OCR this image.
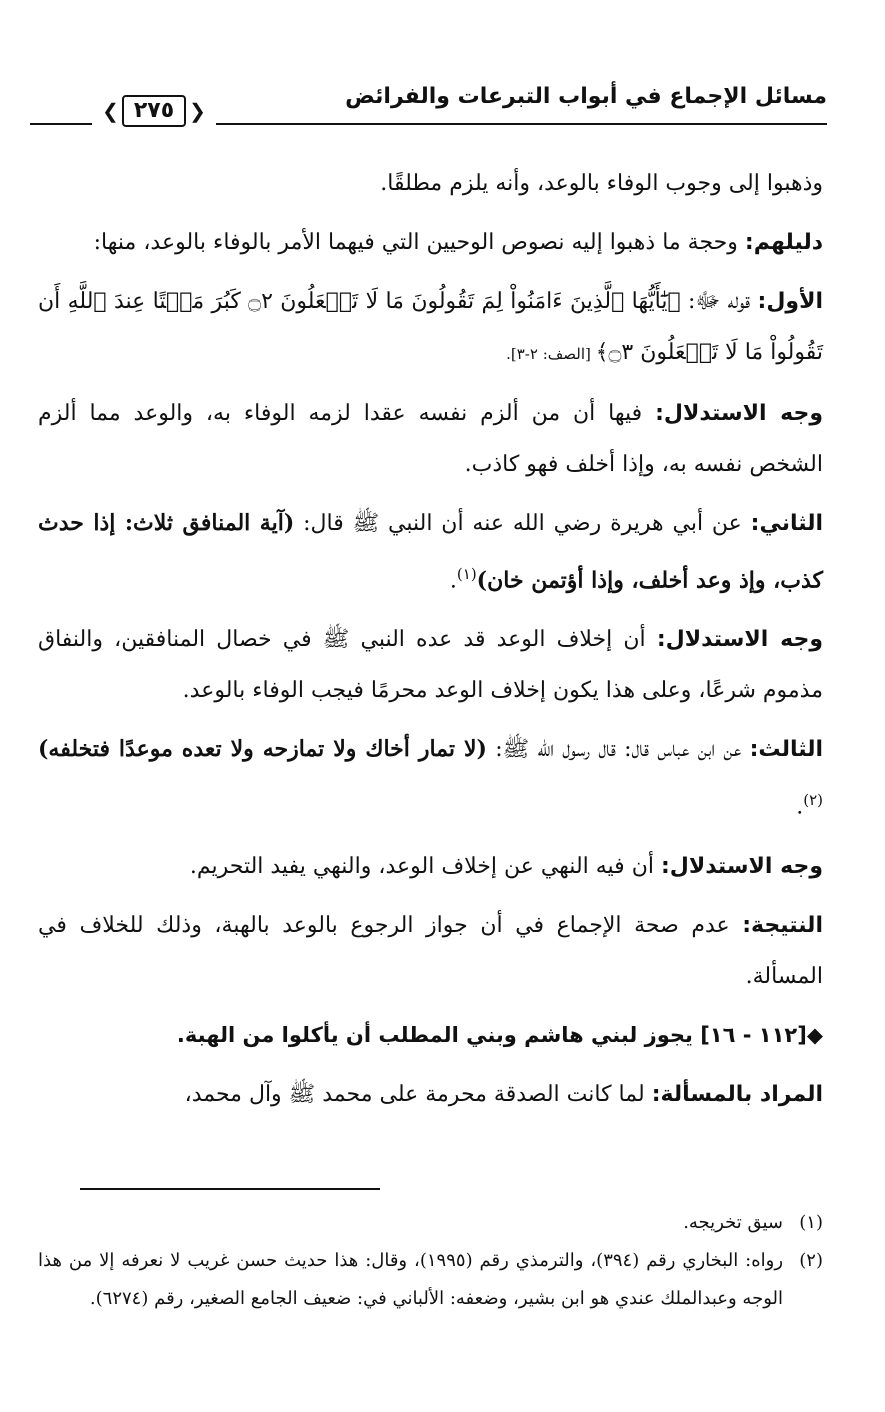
مسائل الإجماع في أبواب التبرعات والفرائض
❮ ٢٧٥ ❯

وذهبوا إلى وجوب الوفاء بالوعد، وأنه يلزم مطلقًا.

دليلهم: وحجة ما ذهبوا إليه نصوص الوحيين التي فيهما الأمر بالوفاء بالوعد، منها:

الأول: قوله ﷻ: ﴿يَٰٓأَيُّهَا ٱلَّذِينَ ءَامَنُواْ لِمَ تَقُولُونَ مَا لَا تَفۡعَلُونَ ۝٢ كَبُرَ مَقۡتًا عِندَ ٱللَّهِ أَن تَقُولُواْ مَا لَا تَفۡعَلُونَ ۝٣﴾ [الصف: ٢-٣].

وجه الاستدلال: فيها أن من ألزم نفسه عقدا لزمه الوفاء به، والوعد مما ألزم الشخص نفسه به، وإذا أخلف فهو كاذب.

الثاني: عن أبي هريرة رضي الله عنه أن النبي ﷺ قال: (آية المنافق ثلاث: إذا حدث كذب، وإذ وعد أخلف، وإذا أؤتمن خان)$^{(١)}$.

وجه الاستدلال: أن إخلاف الوعد قد عده النبي ﷺ في خصال المنافقين، والنفاق مذموم شرعًا، وعلى هذا يكون إخلاف الوعد محرمًا فيجب الوفاء بالوعد.

الثالث: عن ابن عباس قال: قال رسول الله ﷺ: (لا تمار أخاك ولا تمازحه ولا تعده موعدًا فتخلفه)$^{(٢)}$.

وجه الاستدلال: أن فيه النهي عن إخلاف الوعد، والنهي يفيد التحريم.

النتيجة: عدم صحة الإجماع في أن جواز الرجوع بالوعد بالهبة، وذلك للخلاف في المسألة.

◆[١١٢ - ١٦] يجوز لبني هاشم وبني المطلب أن يأكلوا من الهبة.

المراد بالمسألة: لما كانت الصدقة محرمة على محمد ﷺ وآل محمد،

(١)
سيق تخريجه.

(٢)
رواه: البخاري رقم (٣٩٤)، والترمذي رقم (١٩٩٥)، وقال: هذا حديث حسن غريب لا نعرفه إلا من هذا الوجه وعبدالملك عندي هو ابن بشير، وضعفه: الألباني في: ضعيف الجامع الصغير، رقم (٦٢٧٤).
